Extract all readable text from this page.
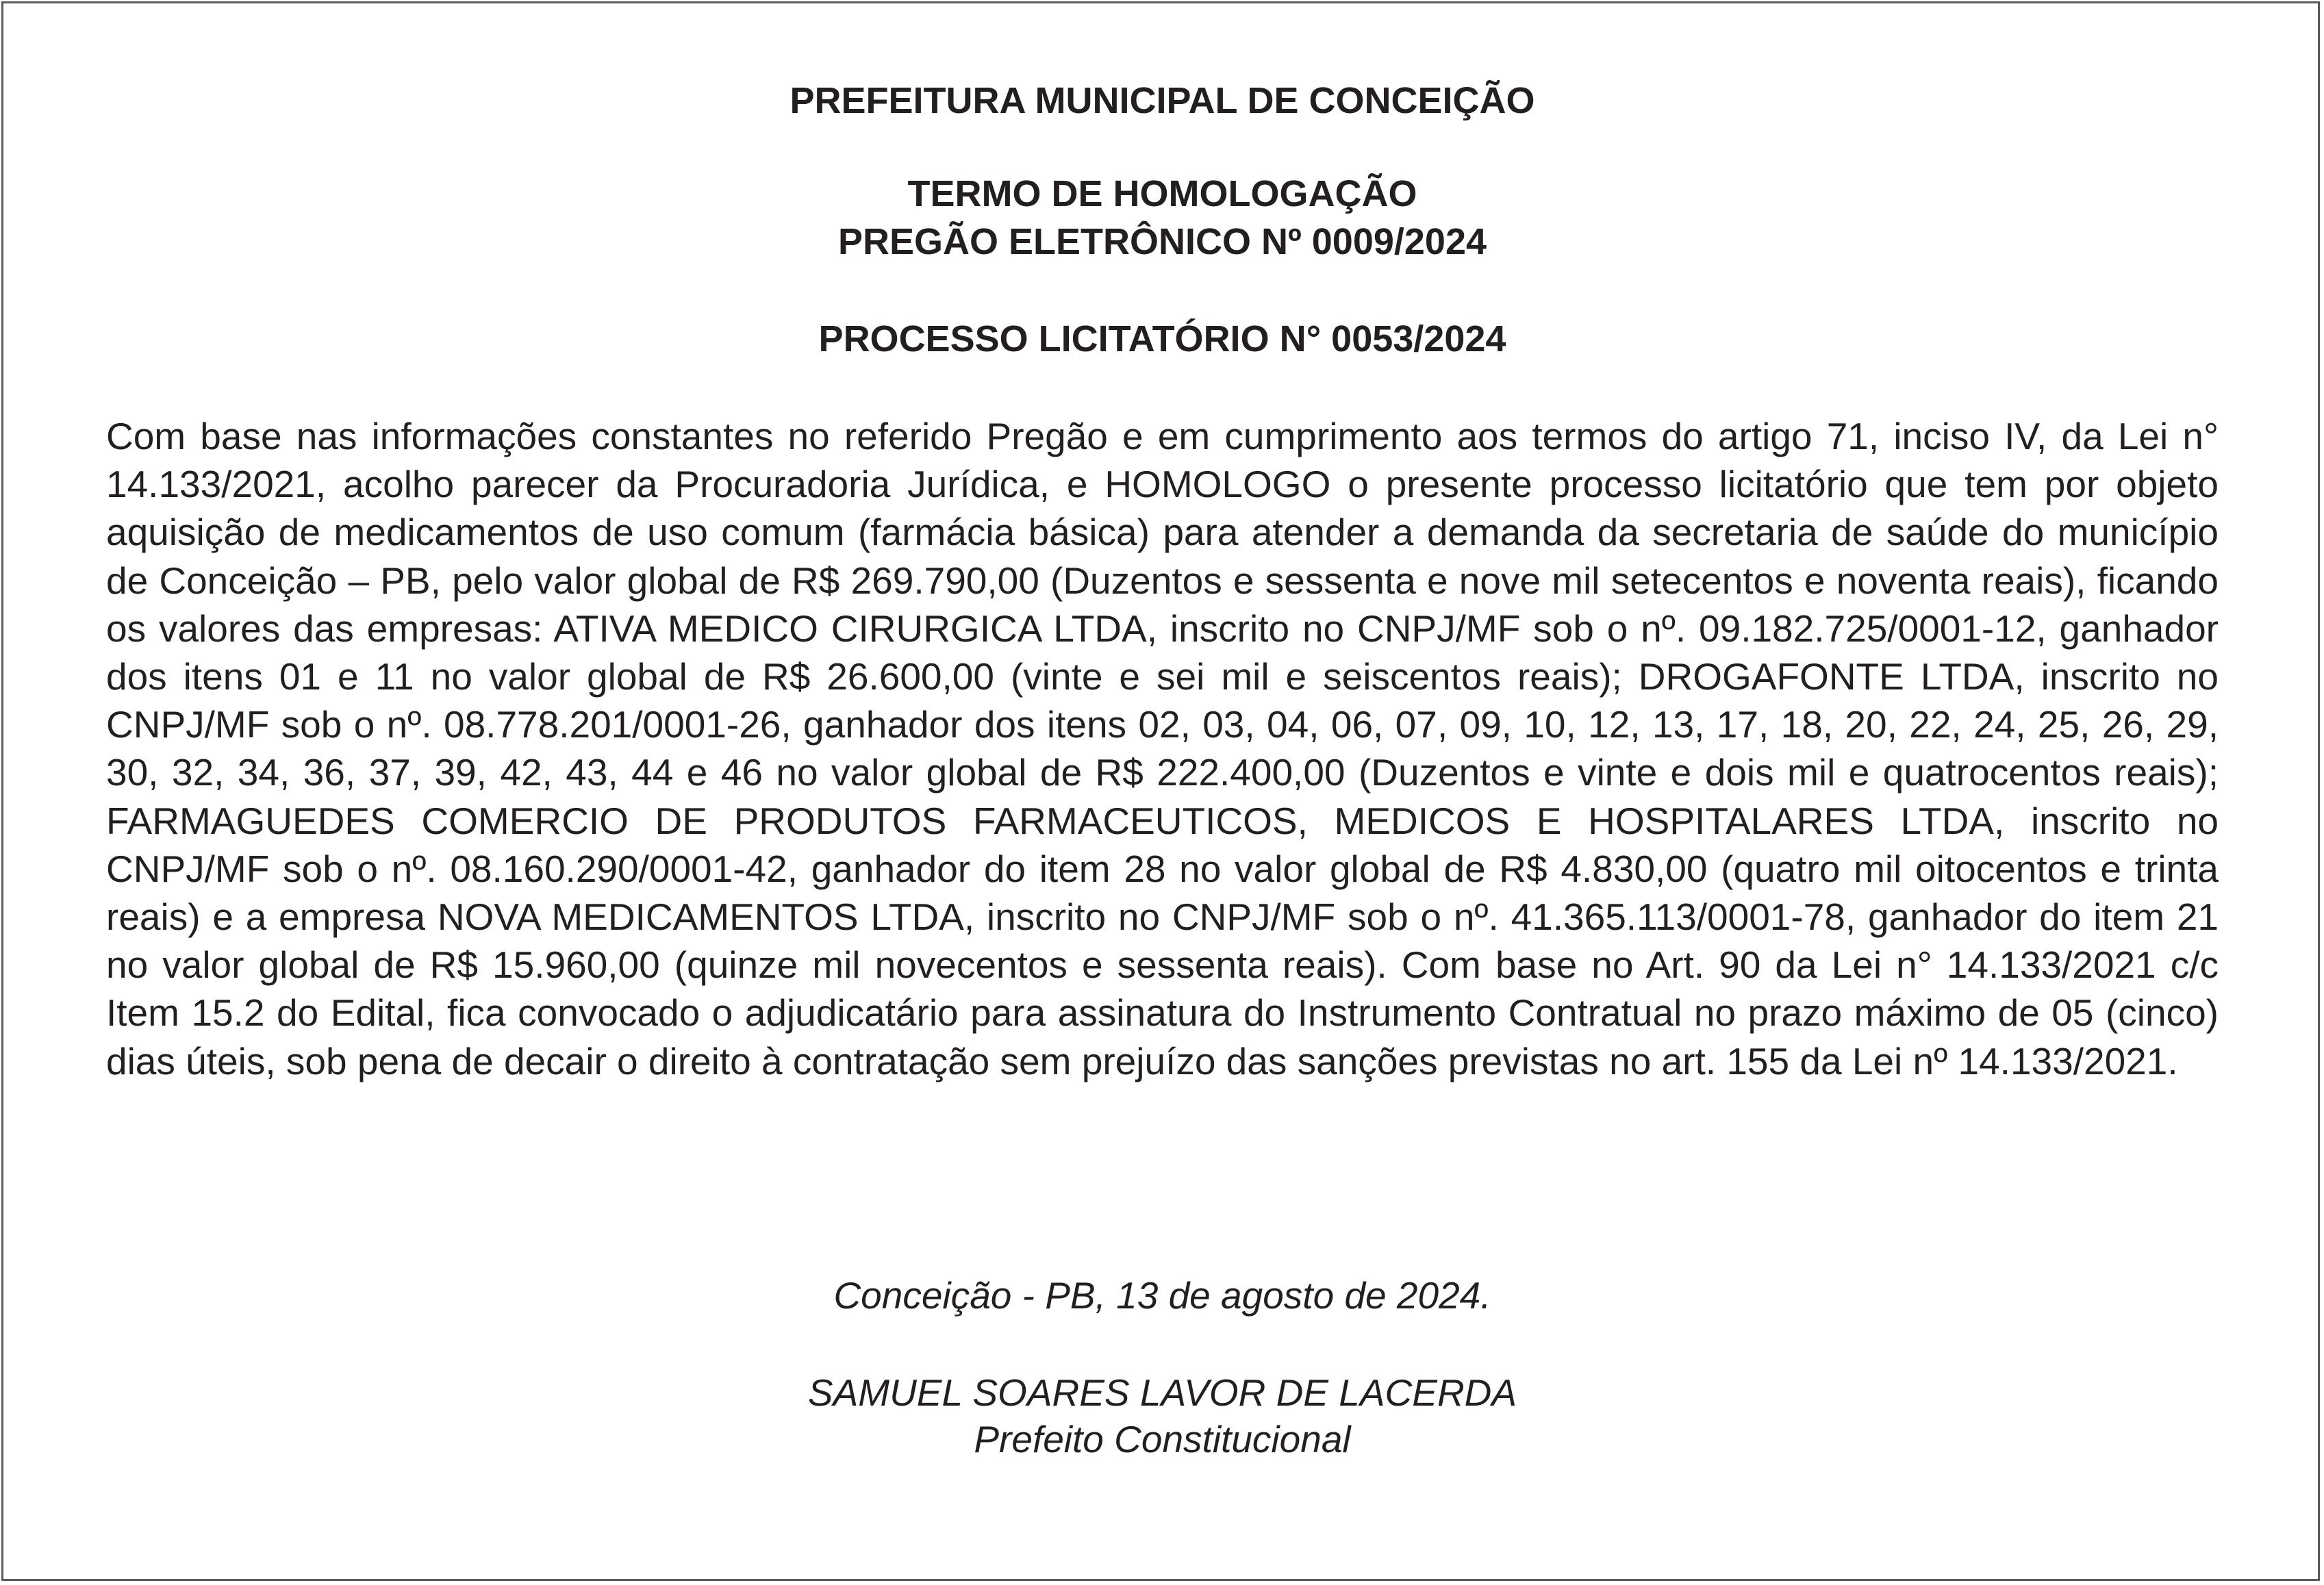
PREFEITURA MUNICIPAL DE CONCEIÇÃO

TERMO DE HOMOLOGAÇÃO

PREGÃO ELETRÔNICO Nº 0009/2024

PROCESSO LICITATÓRIO N° 0053/2024

Com base nas informações constantes no referido Pregão e em cumprimento aos termos do artigo 71, inciso IV, da Lei n° 14.133/2021, acolho parecer da Procuradoria Jurídica, e HOMOLOGO o presente processo licitatório que tem por objeto aquisição de medicamentos de uso comum (farmácia básica) para atender a demanda da secretaria de saúde do município de Conceição – PB, pelo valor global de R$ 269.790,00 (Duzentos e sessenta e nove mil setecentos e noventa reais), ficando os valores das empresas: ATIVA MEDICO CIRURGICA LTDA, inscrito no CNPJ/MF sob o nº. 09.182.725/0001-12, ganhador dos itens 01 e 11 no valor global de R$ 26.600,00 (vinte e sei mil e seiscentos reais); DROGAFONTE LTDA, inscrito no CNPJ/MF sob o nº. 08.778.201/0001-26, ganhador dos itens 02, 03, 04, 06, 07, 09, 10, 12, 13, 17, 18, 20, 22, 24, 25, 26, 29, 30, 32, 34, 36, 37, 39, 42, 43, 44 e 46 no valor global de R$ 222.400,00 (Duzentos e vinte e dois mil e quatrocentos reais); FARMAGUEDES COMERCIO DE PRODUTOS FARMACEUTICOS, MEDICOS E HOSPITALARES LTDA, inscrito no CNPJ/MF sob o nº. 08.160.290/0001-42, ganhador do item 28 no valor global de R$ 4.830,00 (quatro mil oitocentos e trinta reais) e a empresa NOVA MEDICAMENTOS LTDA, inscrito no CNPJ/MF sob o nº. 41.365.113/0001-78, ganhador do item 21 no valor global de R$ 15.960,00 (quinze mil novecentos e sessenta reais). Com base no Art. 90 da Lei n° 14.133/2021 c/c Item 15.2 do Edital, fica convocado o adjudicatário para assinatura do Instrumento Contratual no prazo máximo de 05 (cinco) dias úteis, sob pena de decair o direito à contratação sem prejuízo das sanções previstas no art. 155 da Lei nº 14.133/2021.

Conceição - PB, 13 de agosto de 2024.

SAMUEL SOARES LAVOR DE LACERDA

Prefeito Constitucional
